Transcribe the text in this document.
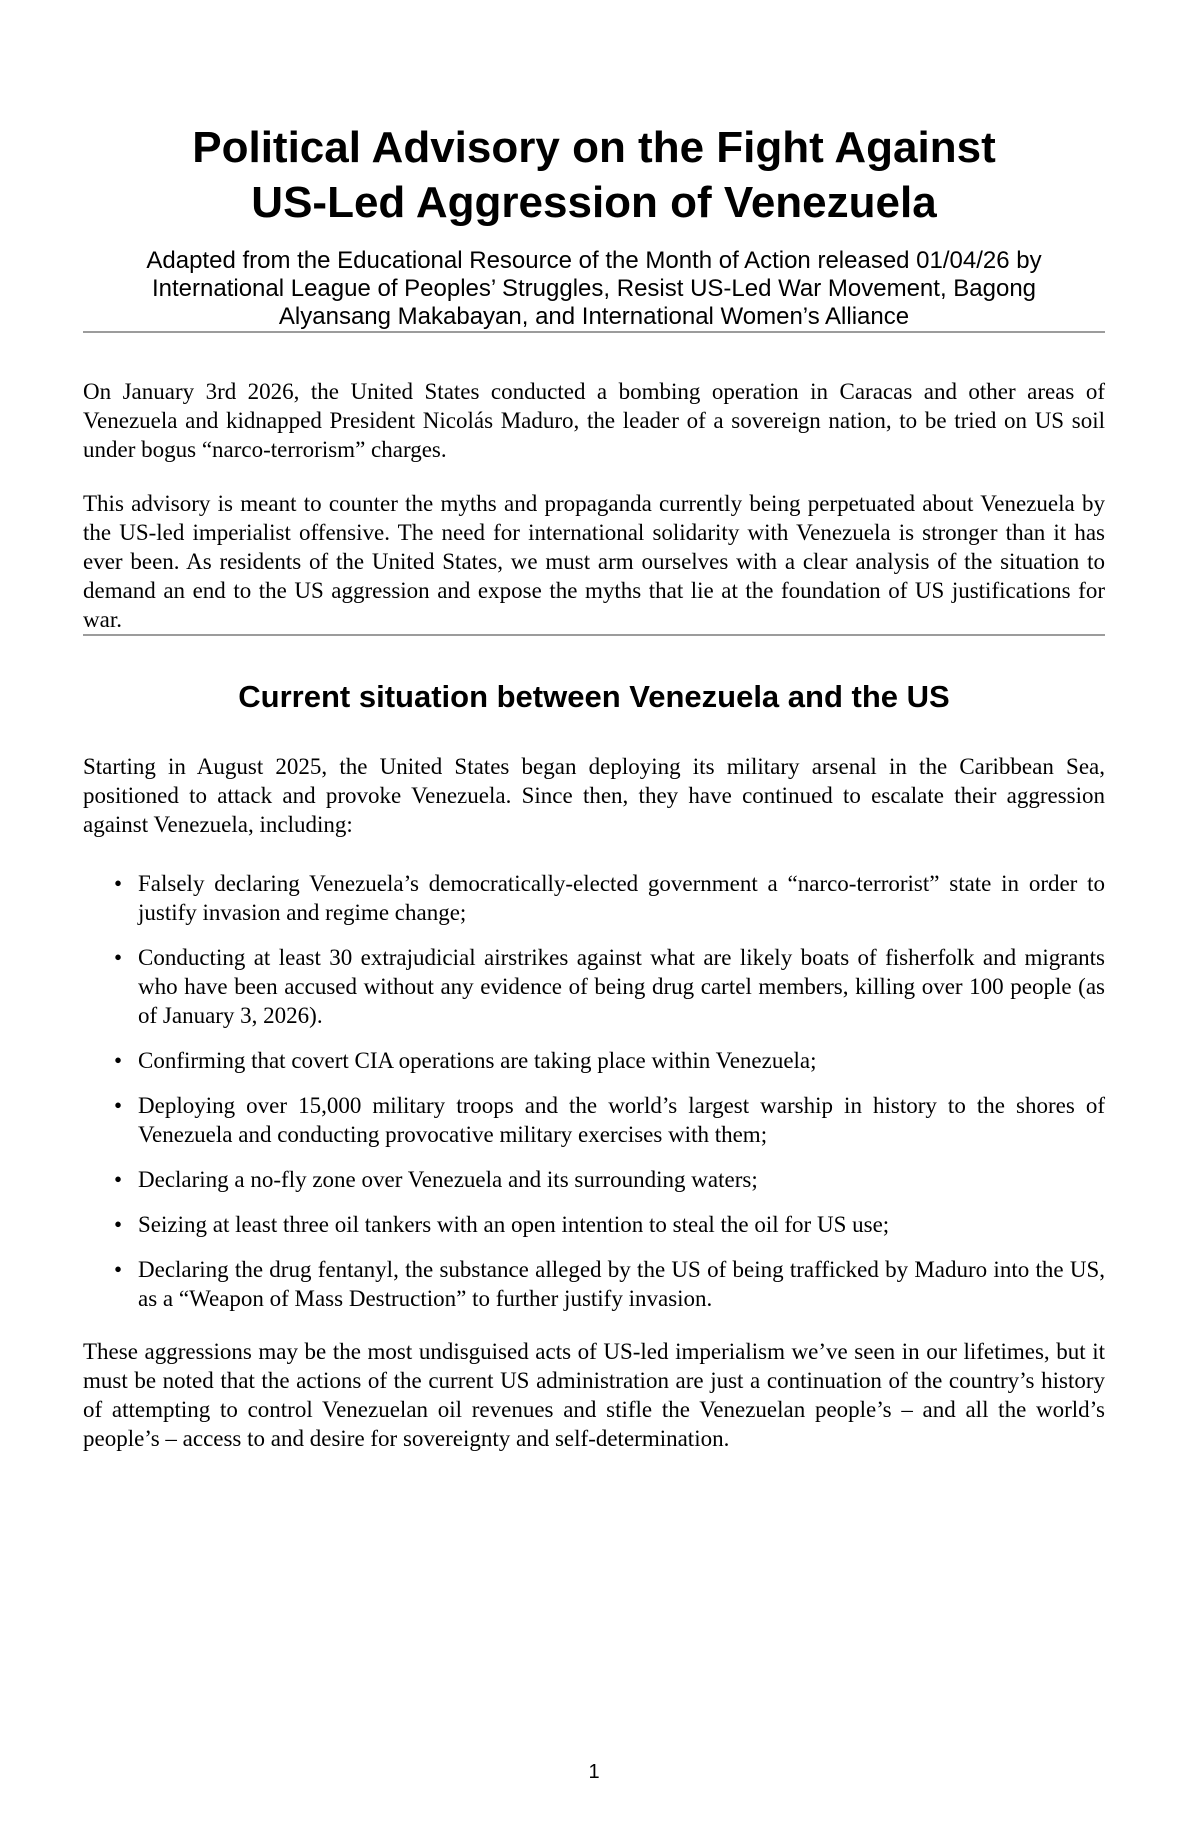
Political Advisory on the Fight Against
US-Led Aggression of Venezuela
Adapted from the Educational Resource of the Month of Action released 01/04/26 by
International League of Peoples’ Struggles, Resist US-Led War Movement, Bagong
Alyansang Makabayan, and International Women’s Alliance

On January 3rd 2026, the United States conducted a bombing operation in Caracas and other areas of Venezuela and kidnapped President Nicolás Maduro, the leader of a sovereign nation, to be tried on US soil under bogus “narco-terrorism” charges.

This advisory is meant to counter the myths and propaganda currently being perpetuated about Venezuela by the US-led imperialist offensive. The need for international solidarity with Venezuela is stronger than it has ever been. As residents of the United States, we must arm ourselves with a clear analysis of the situation to demand an end to the US aggression and expose the myths that lie at the foundation of US justifications for war.

Current situation between Venezuela and the US

Starting in August 2025, the United States began deploying its military arsenal in the Caribbean Sea, positioned to attack and provoke Venezuela. Since then, they have continued to escalate their aggression against Venezuela, including:

• Falsely declaring Venezuela’s democratically-elected government a “narco-terrorist” state in order to justify invasion and regime change;
• Conducting at least 30 extrajudicial airstrikes against what are likely boats of fisherfolk and migrants who have been accused without any evidence of being drug cartel members, killing over 100 people (as of January 3, 2026).
• Confirming that covert CIA operations are taking place within Venezuela;
• Deploying over 15,000 military troops and the world’s largest warship in history to the shores of Venezuela and conducting provocative military exercises with them;
• Declaring a no-fly zone over Venezuela and its surrounding waters;
• Seizing at least three oil tankers with an open intention to steal the oil for US use;
• Declaring the drug fentanyl, the substance alleged by the US of being trafficked by Maduro into the US, as a “Weapon of Mass Destruction” to further justify invasion.

These aggressions may be the most undisguised acts of US-led imperialism we’ve seen in our lifetimes, but it must be noted that the actions of the current US administration are just a continuation of the country’s history of attempting to control Venezuelan oil revenues and stifle the Venezuelan people’s – and all the world’s people’s – access to and desire for sovereignty and self-determination.

1
